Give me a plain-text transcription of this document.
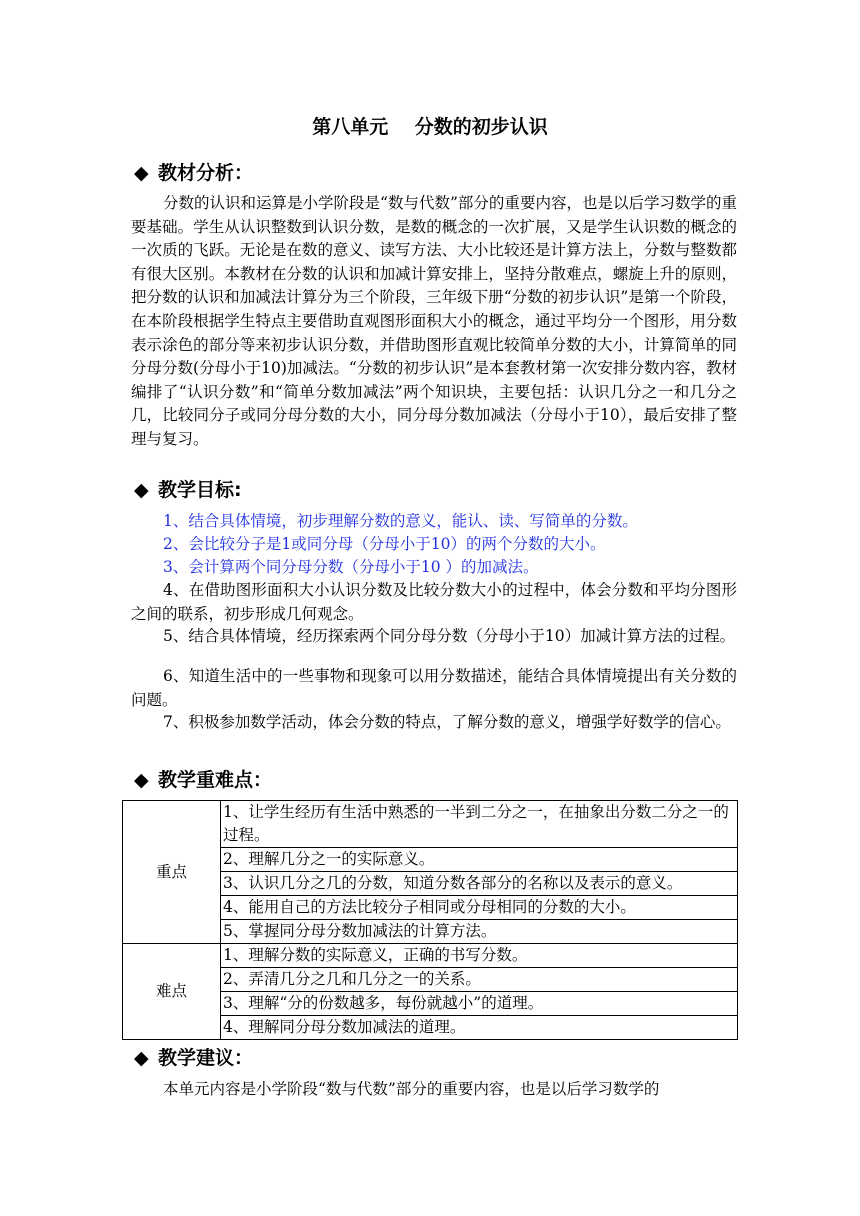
第八单元    分数的初步认识
◆ 教材分析：
分数的认识和运算是小学阶段是“数与代数”部分的重要内容，也是以后学习数学的重要基础。学生从认识整数到认识分数，是数的概念的一次扩展，又是学生认识数的概念的一次质的飞跃。无论是在数的意义、读写方法、大小比较还是计算方法上，分数与整数都有很大区别。本教材在分数的认识和加减计算安排上，坚持分散难点，螺旋上升的原则，把分数的认识和加减法计算分为三个阶段，三年级下册“分数的初步认识”是第一个阶段，在本阶段根据学生特点主要借助直观图形面积大小的概念，通过平均分一个图形，用分数表示涂色的部分等来初步认识分数，并借助图形直观比较简单分数的大小，计算简单的同分母分数(分母小于10)加减法。“分数的初步认识”是本套教材第一次安排分数内容，教材编排了“认识分数”和“简单分数加减法”两个知识块，主要包括：认识几分之一和几分之几，比较同分子或同分母分数的大小，同分母分数加减法（分母小于10），最后安排了整理与复习。
◆ 教学目标:
1、结合具体情境，初步理解分数的意义，能认、读、写简单的分数。
2、会比较分子是1或同分母（分母小于10）的两个分数的大小。
3、会计算两个同分母分数（分母小于10 ）的加减法。
4、在借助图形面积大小认识分数及比较分数大小的过程中，体会分数和平均分图形之间的联系，初步形成几何观念。
5、结合具体情境，经历探索两个同分母分数（分母小于10）加减计算方法的过程。
6、知道生活中的一些事物和现象可以用分数描述，能结合具体情境提出有关分数的问题。
7、积极参加数学活动，体会分数的特点，了解分数的意义，增强学好数学的信心。
◆ 教学重难点：
重点	1、让学生经历有生活中熟悉的一半到二分之一，在抽象出分数二分之一的过程。
	2、理解几分之一的实际意义。
	3、认识几分之几的分数，知道分数各部分的名称以及表示的意义。
	4、能用自己的方法比较分子相同或分母相同的分数的大小。
	5、掌握同分母分数加减法的计算方法。
难点	1、理解分数的实际意义，正确的书写分数。
	2、弄清几分之几和几分之一的关系。
	3、理解“分的份数越多，每份就越小”的道理。
	4、理解同分母分数加减法的道理。
◆ 教学建议：
本单元内容是小学阶段“数与代数”部分的重要内容，也是以后学习数学的
